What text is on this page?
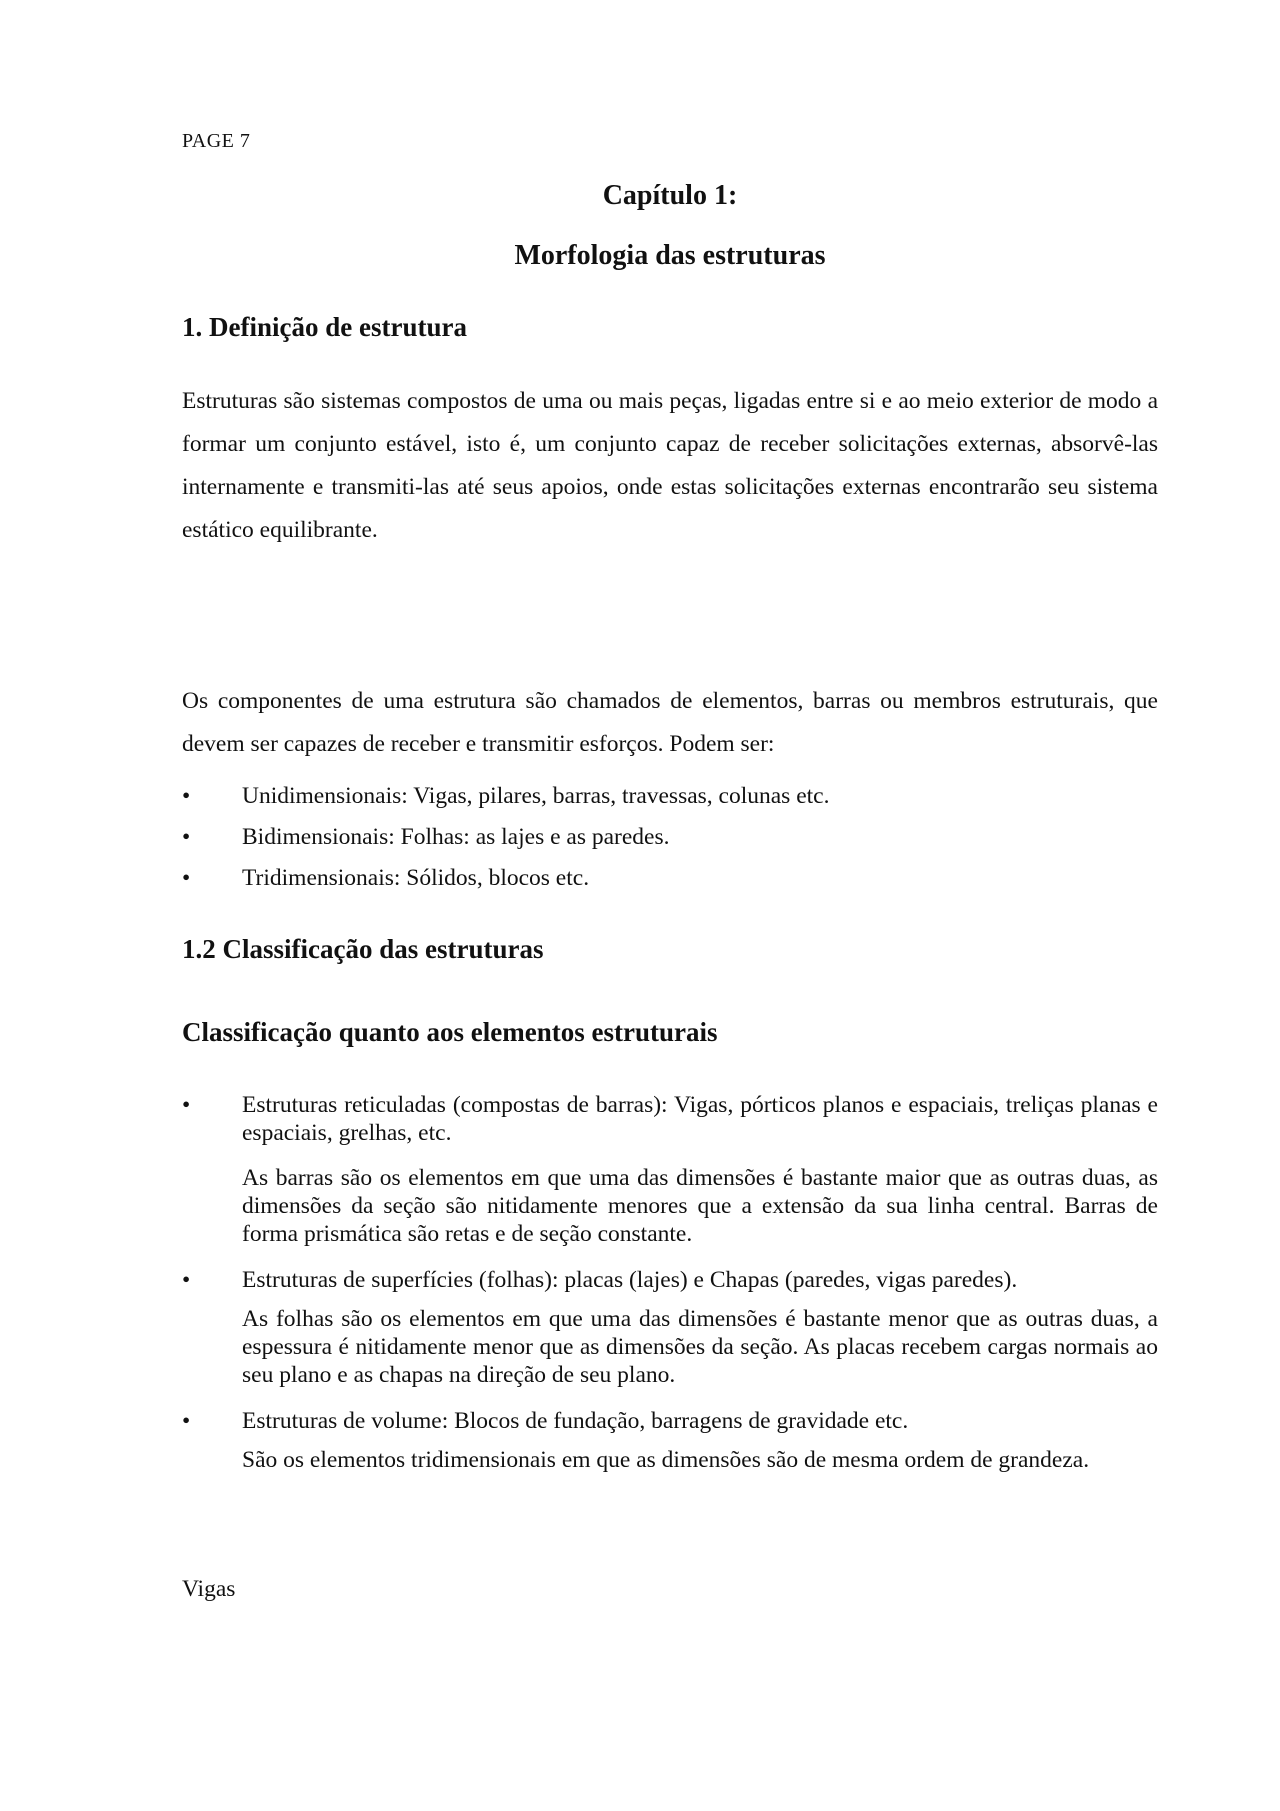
PAGE 7
Capítulo 1:
Morfologia das estruturas
1. Definição de estrutura

Estruturas são sistemas compostos de uma ou mais peças, ligadas entre si e ao meio exterior de modo a formar um conjunto estável, isto é, um conjunto capaz de receber solicitações externas, absorvê-las internamente e transmiti-las até seus apoios, onde estas solicitações externas encontrarão seu sistema estático equilibrante.

Os componentes de uma estrutura são chamados de elementos, barras ou membros estruturais, que devem ser capazes de receber e transmitir esforços. Podem ser:

• Unidimensionais: Vigas, pilares, barras, travessas, colunas etc.
• Bidimensionais: Folhas: as lajes e as paredes.
• Tridimensionais: Sólidos, blocos etc.
1.2 Classificação das estruturas
Classificação quanto aos elementos estruturais
• Estruturas reticuladas (compostas de barras): Vigas, pórticos planos e espaciais, treliças planas e espaciais, grelhas, etc.

As barras são os elementos em que uma das dimensões é bastante maior que as outras duas, as dimensões da seção são nitidamente menores que a extensão da sua linha central. Barras de forma prismática são retas e de seção constante.

• Estruturas de superfícies (folhas): placas (lajes) e Chapas (paredes, vigas paredes).

As folhas são os elementos em que uma das dimensões é bastante menor que as outras duas, a espessura é nitidamente menor que as dimensões da seção. As placas recebem cargas normais ao seu plano e as chapas na direção de seu plano.

• Estruturas de volume: Blocos de fundação, barragens de gravidade etc.

São os elementos tridimensionais em que as dimensões são de mesma ordem de grandeza.

Vigas
